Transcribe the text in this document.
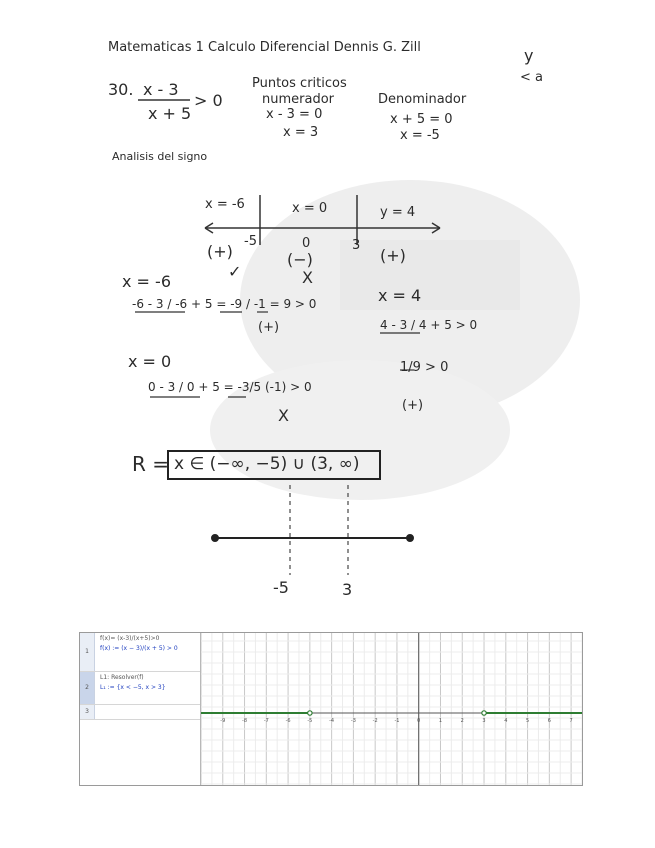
Matematicas 1 Calculo Diferencial Dennis G. Zill	y
< a
30. x - 3
x + 5
> 0
Puntos criticos
numerador
x - 3 = 0
x = 3
Denominador
x + 5 = 0
x = -5
Analisis del signo
x = -6	x = 0	y = 4
-5	0	3
(+)	(−)	(+)
✓	X
x = -6
-6 - 3 / -6 + 5 = -9 / -1 = 9 > 0
(+)
x = 0
0 - 3 / 0 + 5 = -3/5 (-1) > 0
X
x = 4
4 - 3 / 4 + 5 > 0
1/9 > 0
(+)
R = x ∈ (−∞, −5) ∪ (3, ∞)
-5	3
1
f(x)= (x-3)/(x+5)>0
f(x) := (x − 3)/(x + 5) > 0
2
L1: Resolver(f)
L₁ := {x < −5, x > 3}
3
-9	-8	-7	-6	-5	-4	-3	-2	-1	0	1	2	3	4	5	6	7
